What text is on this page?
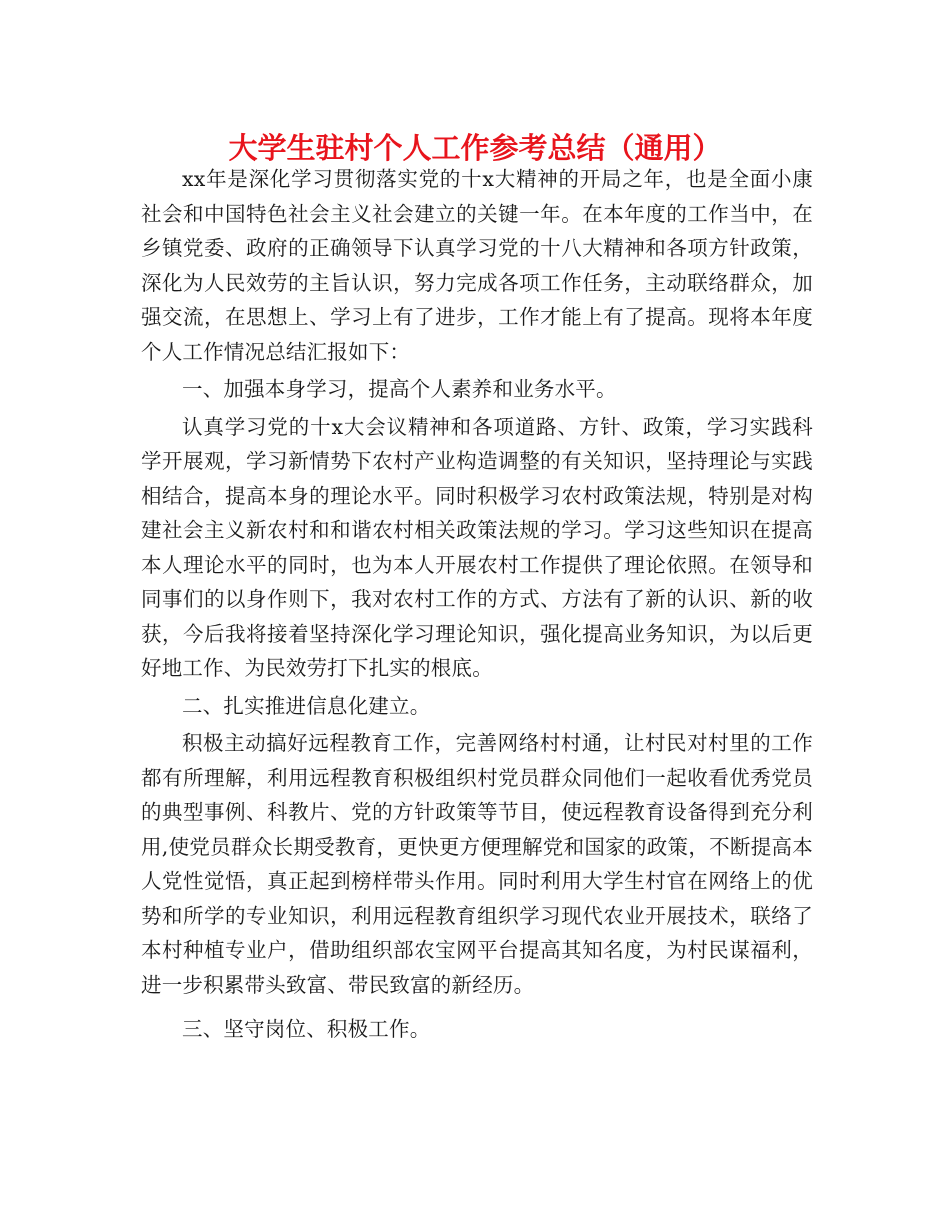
大学生驻村个人工作参考总结（通用）

xx年是深化学习贯彻落实党的十x大精神的开局之年，也是全面小康社会和中国特色社会主义社会建立的关键一年。在本年度的工作当中，在乡镇党委、政府的正确领导下认真学习党的十八大精神和各项方针政策，深化为人民效劳的主旨认识，努力完成各项工作任务，主动联络群众，加强交流，在思想上、学习上有了进步，工作才能上有了提高。现将本年度个人工作情况总结汇报如下：

一、加强本身学习，提高个人素养和业务水平。

认真学习党的十x大会议精神和各项道路、方针、政策，学习实践科学开展观，学习新情势下农村产业构造调整的有关知识，坚持理论与实践相结合，提高本身的理论水平。同时积极学习农村政策法规，特别是对构建社会主义新农村和和谐农村相关政策法规的学习。学习这些知识在提高本人理论水平的同时，也为本人开展农村工作提供了理论依照。在领导和同事们的以身作则下，我对农村工作的方式、方法有了新的认识、新的收获，今后我将接着坚持深化学习理论知识，强化提高业务知识，为以后更好地工作、为民效劳打下扎实的根底。

二、扎实推进信息化建立。

积极主动搞好远程教育工作，完善网络村村通，让村民对村里的工作都有所理解，利用远程教育积极组织村党员群众同他们一起收看优秀党员的典型事例、科教片、党的方针政策等节目，使远程教育设备得到充分利用,使党员群众长期受教育，更快更方便理解党和国家的政策，不断提高本人党性觉悟，真正起到榜样带头作用。同时利用大学生村官在网络上的优势和所学的专业知识，利用远程教育组织学习现代农业开展技术，联络了本村种植专业户，借助组织部农宝网平台提高其知名度，为村民谋福利，进一步积累带头致富、带民致富的新经历。

三、坚守岗位、积极工作。
